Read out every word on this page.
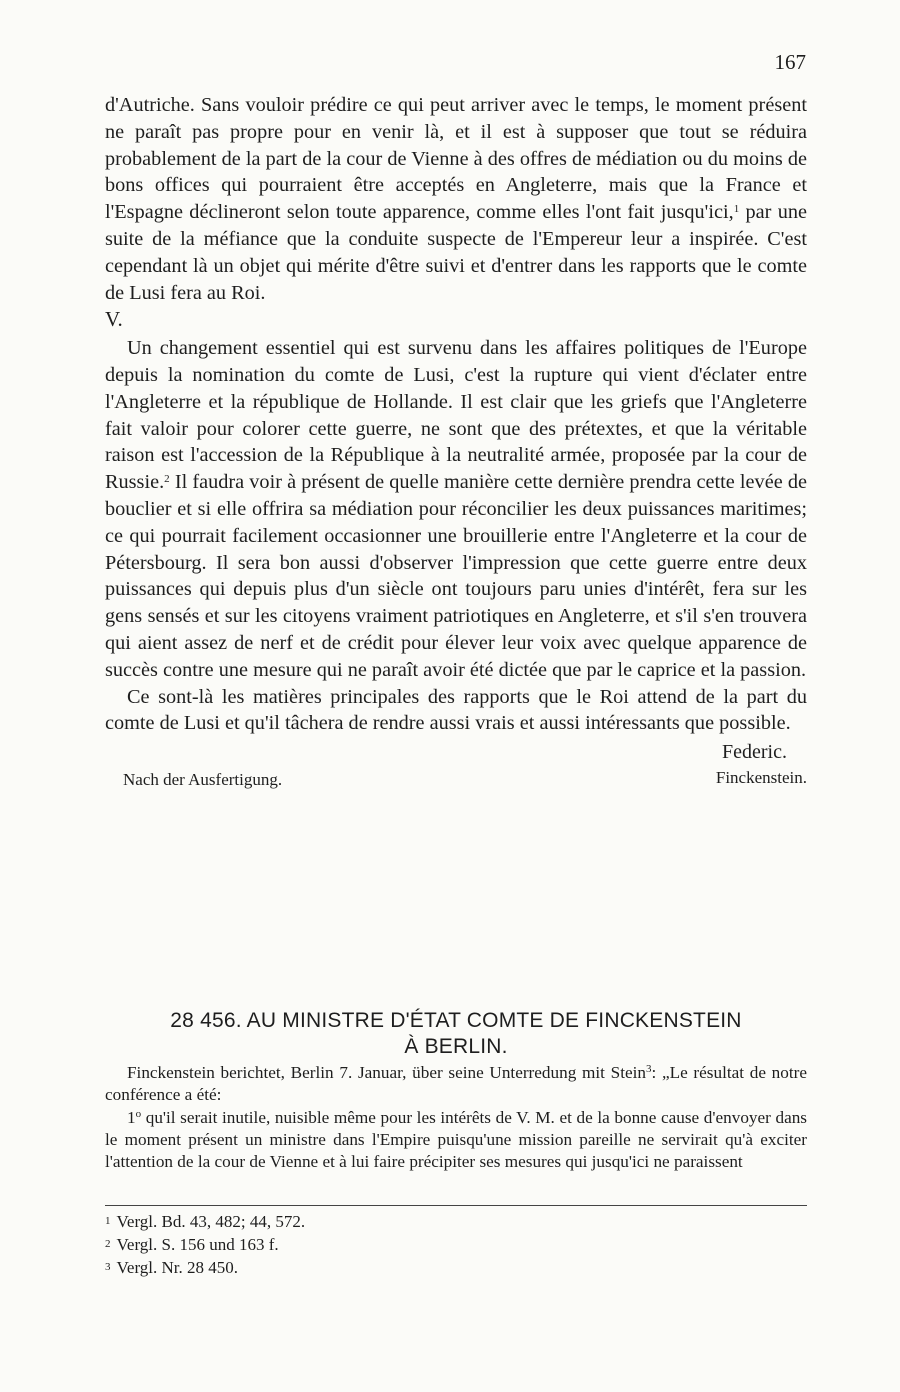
167

d'Autriche. Sans vouloir prédire ce qui peut arriver avec le temps, le moment présent ne paraît pas propre pour en venir là, et il est à supposer que tout se réduira probablement de la part de la cour de Vienne à des offres de médiation ou du moins de bons offices qui pourraient être acceptés en Angleterre, mais que la France et l'Espagne déclineront selon toute apparence, comme elles l'ont fait jusqu'ici,$^1$ par une suite de la méfiance que la conduite suspecte de l'Empereur leur a inspirée. C'est cependant là un objet qui mérite d'être suivi et d'entrer dans les rapports que le comte de Lusi fera au Roi.

V.

Un changement essentiel qui est survenu dans les affaires politiques de l'Europe depuis la nomination du comte de Lusi, c'est la rupture qui vient d'éclater entre l'Angleterre et la république de Hollande. Il est clair que les griefs que l'Angleterre fait valoir pour colorer cette guerre, ne sont que des prétextes, et que la véritable raison est l'accession de la République à la neutralité armée, proposée par la cour de Russie.$^2$ Il faudra voir à présent de quelle manière cette dernière prendra cette levée de bouclier et si elle offrira sa médiation pour réconcilier les deux puissances maritimes; ce qui pourrait facilement occasionner une brouillerie entre l'Angleterre et la cour de Pétersbourg. Il sera bon aussi d'observer l'impression que cette guerre entre deux puissances qui depuis plus d'un siècle ont toujours paru unies d'intérêt, fera sur les gens sensés et sur les citoyens vraiment patriotiques en Angleterre, et s'il s'en trouvera qui aient assez de nerf et de crédit pour élever leur voix avec quelque apparence de succès contre une mesure qui ne paraît avoir été dictée que par le caprice et la passion.

Ce sont-là les matières principales des rapports que le Roi attend de la part du comte de Lusi et qu'il tâchera de rendre aussi vrais et aussi intéressants que possible.

Federic.
Finckenstein.
Nach der Ausfertigung.
28 456. AU MINISTRE D'ÉTAT COMTE DE FINCKENSTEIN
À BERLIN.

Finckenstein berichtet, Berlin 7. Januar, über seine Unterredung mit Stein$^3$: „Le résultat de notre conférence a été:

1$^o$ qu'il serait inutile, nuisible même pour les intérêts de V. M. et de la bonne cause d'envoyer dans le moment présent un ministre dans l'Empire puisqu'une mission pareille ne servirait qu'à exciter l'attention de la cour de Vienne et à lui faire précipiter ses mesures qui jusqu'ici ne paraissent

1 Vergl. Bd. 43, 482; 44, 572.
2 Vergl. S. 156 und 163 f.
3 Vergl. Nr. 28 450.
